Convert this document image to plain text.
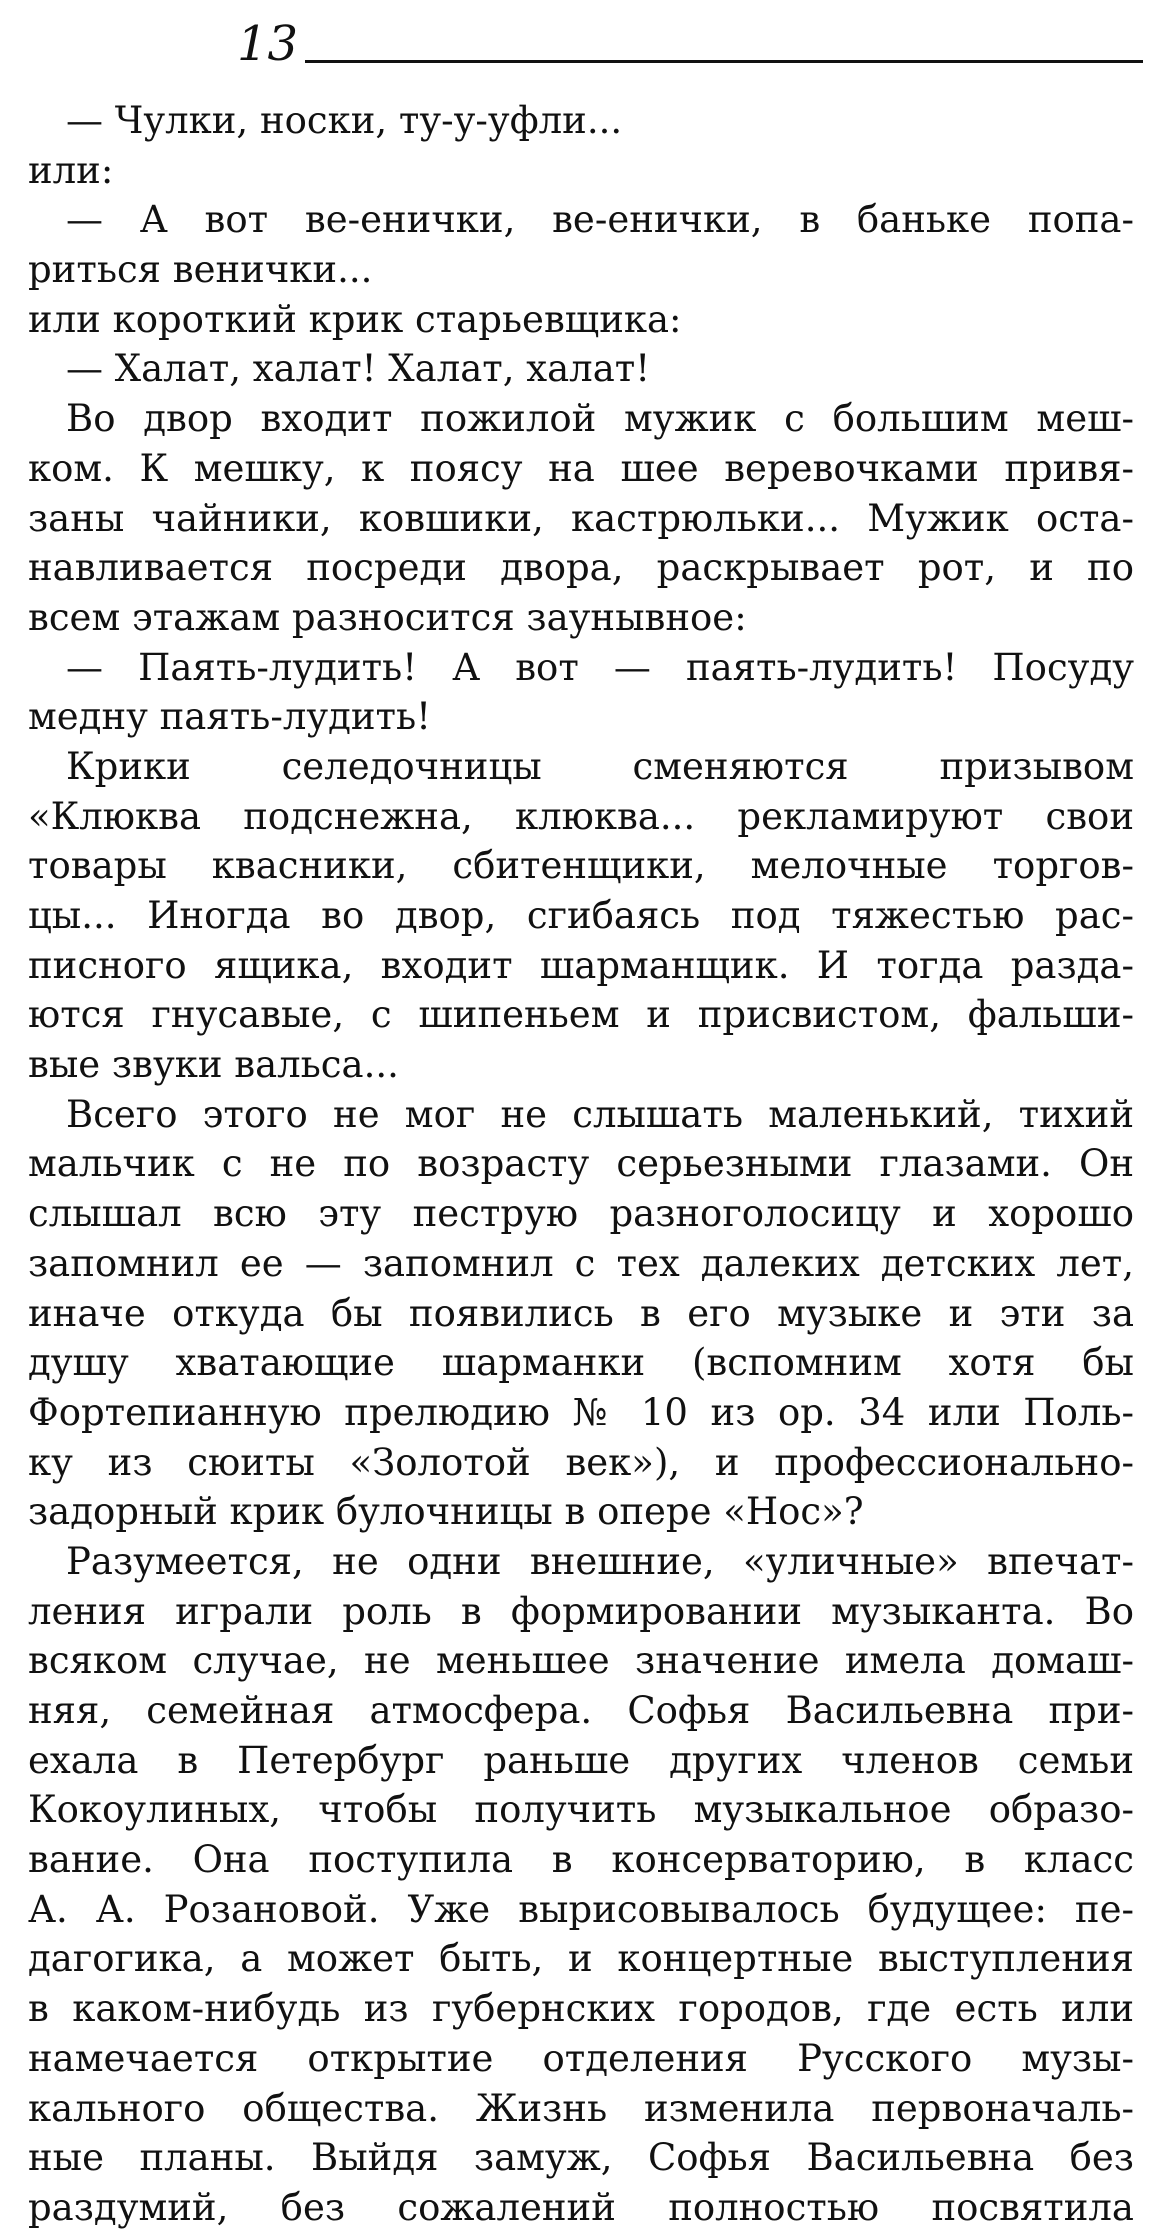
13
— Чулки, носки, ту-у-уфли...
или:
— А вот ве-енички, ве-енички, в баньке попа-
риться венички...
или короткий крик старьевщика:
— Халат, халат! Халат, халат!
Во двор входит пожилой мужик с большим меш-
ком. К мешку, к поясу на шее веревочками привя-
заны чайники, ковшики, кастрюльки... Мужик оста-
навливается посреди двора, раскрывает рот, и по
всем этажам разносится заунывное:
— Паять-лудить! А вот — паять-лудить! Посуду
медну паять-лудить!
Крики селедочницы сменяются призывом
«Клюква подснежна, клюква... рекламируют свои
товары квасники, сбитенщики, мелочные торгов-
цы... Иногда во двор, сгибаясь под тяжестью рас-
писного ящика, входит шарманщик. И тогда разда-
ются гнусавые, с шипеньем и присвистом, фальши-
вые звуки вальса...
Всего этого не мог не слышать маленький, тихий
мальчик с не по возрасту серьезными глазами. Он
слышал всю эту пеструю разноголосицу и хорошо
запомнил ее — запомнил с тех далеких детских лет,
иначе откуда бы появились в его музыке и эти за
душу хватающие шарманки (вспомним хотя бы
Фортепианную прелюдию № 10 из ор. 34 или Поль-
ку из сюиты «Золотой век»), и профессионально-
задорный крик булочницы в опере «Нос»?
Разумеется, не одни внешние, «уличные» впечат-
ления играли роль в формировании музыканта. Во
всяком случае, не меньшее значение имела домаш-
няя, семейная атмосфера. Софья Васильевна при-
ехала в Петербург раньше других членов семьи
Кокоулиных, чтобы получить музыкальное образо-
вание. Она поступила в консерваторию, в класс
А. А. Розановой. Уже вырисовывалось будущее: пе-
дагогика, а может быть, и концертные выступления
в каком-нибудь из губернских городов, где есть или
намечается открытие отделения Русского музы-
кального общества. Жизнь изменила первоначаль-
ные планы. Выйдя замуж, Софья Васильевна без
раздумий, без сожалений полностью посвятила
